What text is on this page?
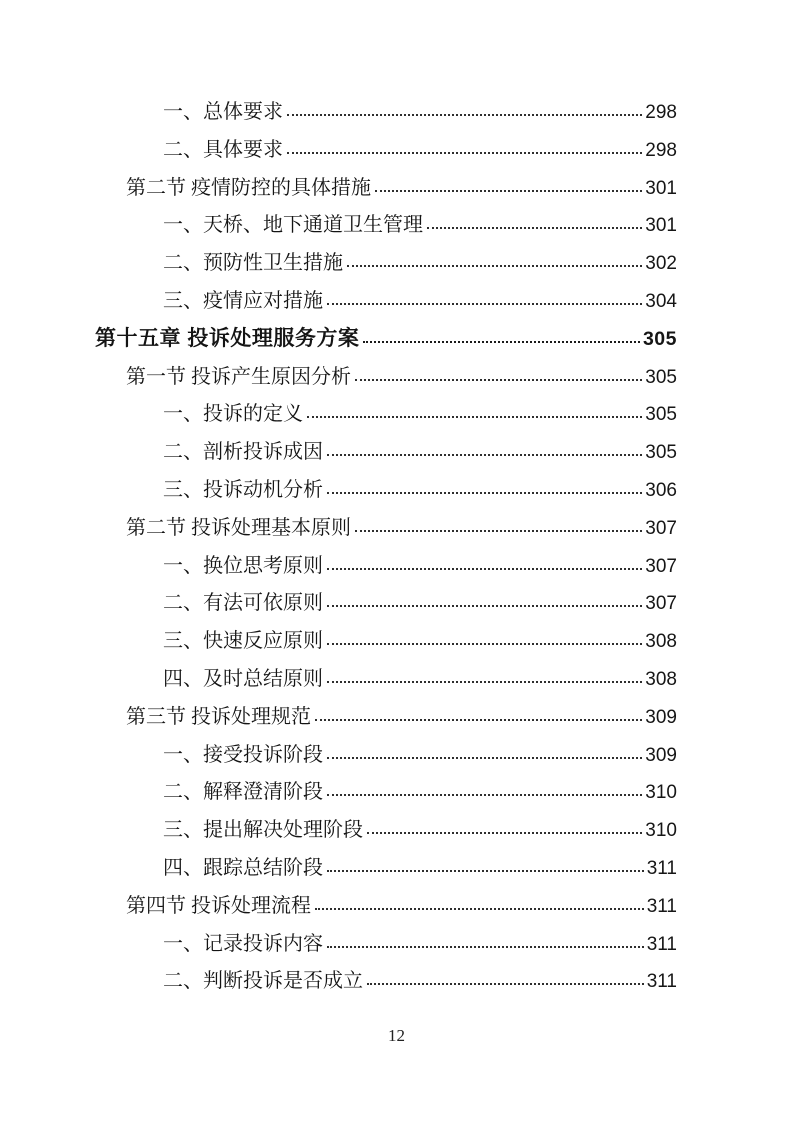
一、总体要求	298
二、具体要求	298
第二节 疫情防控的具体措施	301
一、天桥、地下通道卫生管理	301
二、预防性卫生措施	302
三、疫情应对措施	304
第十五章 投诉处理服务方案	305
第一节 投诉产生原因分析	305
一、投诉的定义	305
二、剖析投诉成因	305
三、投诉动机分析	306
第二节 投诉处理基本原则	307
一、换位思考原则	307
二、有法可依原则	307
三、快速反应原则	308
四、及时总结原则	308
第三节 投诉处理规范	309
一、接受投诉阶段	309
二、解释澄清阶段	310
三、提出解决处理阶段	310
四、跟踪总结阶段	311
第四节 投诉处理流程	311
一、记录投诉内容	311
二、判断投诉是否成立	311
12
